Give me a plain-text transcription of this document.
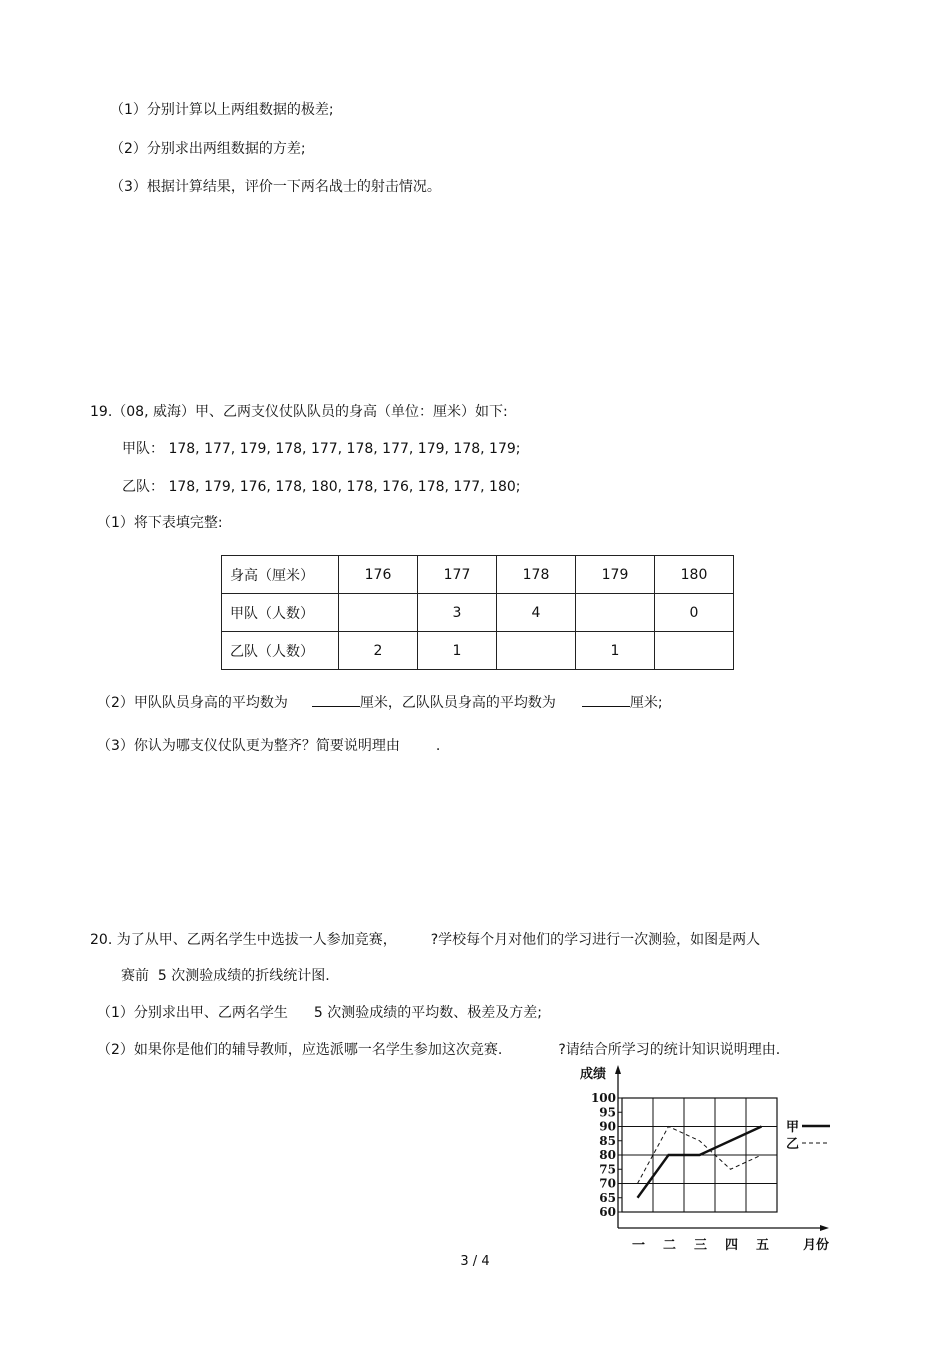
（1）分别计算以上两组数据的极差;
（2）分别求出两组数据的方差;
（3）根据计算结果，评价一下两名战士的射击情况。
19.（08, 威海）甲、乙两支仪仗队队员的身高（单位：厘米）如下:
甲队： 178, 177, 179, 178, 177, 178, 177, 179, 178, 179;
乙队： 178, 179, 176, 178, 180, 178, 176, 178, 177, 180;
（1）将下表填完整:
身高（厘米）	176	177	178	179	180
甲队（人数）		3	4		0
乙队（人数）	2	1		1	
（2）甲队队员身高的平均数为	厘米，乙队队员身高的平均数为	厘米;
（3）你认为哪支仪仗队更为整齐？简要说明理由	.
20. 为了从甲、乙两名学生中选拔一人参加竞赛， ?学校每个月对他们的学习进行一次测验，如图是两人
赛前  5 次测验成绩的折线统计图.
（1）分别求出甲、乙两名学生 5 次测验成绩的平均数、极差及方差;
（2）如果你是他们的辅导教师，应选派哪一名学生参加这次竞赛.	?请结合所学习的统计知识说明理由.
60
65
70
75
80
85
90
95
100
成绩
一 二 三 四 五	月份
甲
乙
3 / 4
